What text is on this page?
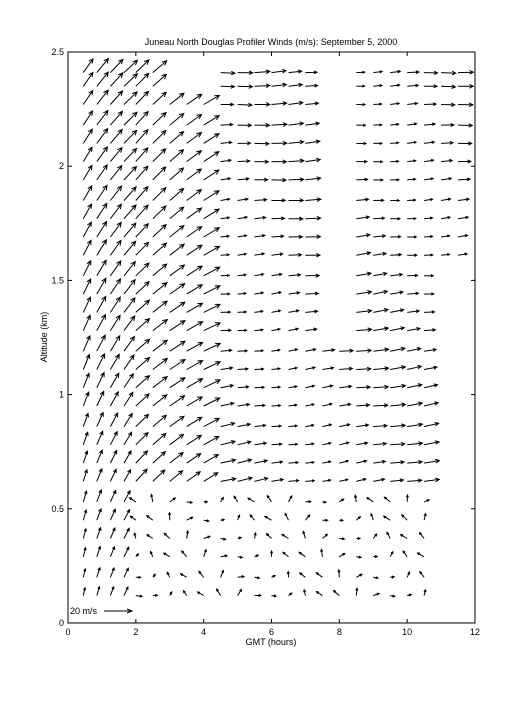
Juneau North Douglas Profiler Winds (m/s): September 5, 2000
0	2	4	6	8	10	12
0
0.5
1
1.5
2
2.5
GMT (hours)
Altitude (km)
20 m/s
